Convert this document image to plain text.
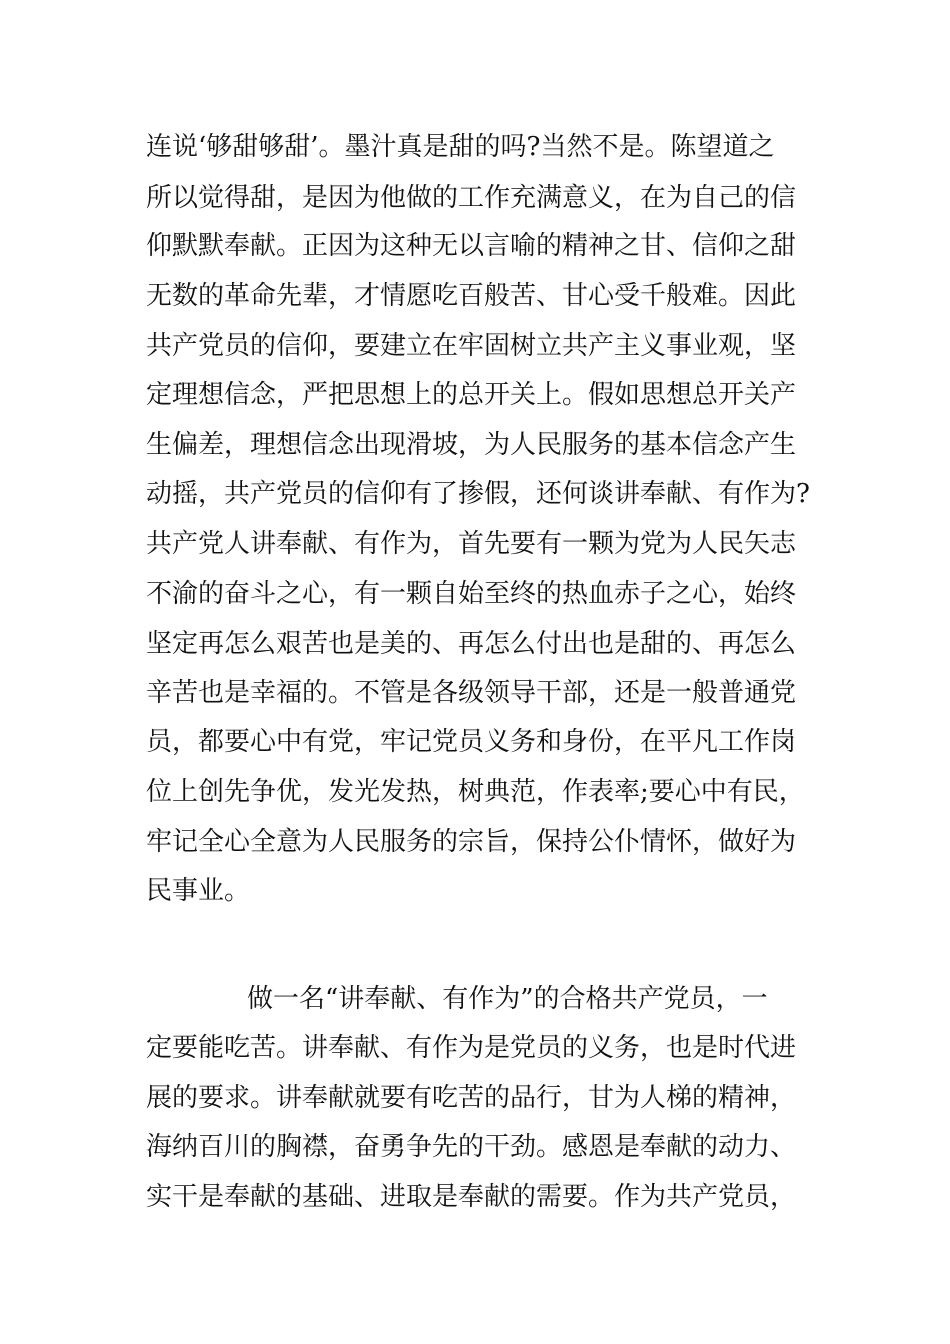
连说‘够甜够甜’。墨汁真是甜的吗?当然不是。陈望道之

所以觉得甜，是因为他做的工作充满意义，在为自己的信

仰默默奉献。正因为这种无以言喻的精神之甘、信仰之甜

无数的革命先辈，才情愿吃百般苦、甘心受千般难。因此

共产党员的信仰，要建立在牢固树立共产主义事业观，坚

定理想信念，严把思想上的总开关上。假如思想总开关产

生偏差，理想信念出现滑坡，为人民服务的基本信念产生

动摇，共产党员的信仰有了掺假，还何谈讲奉献、有作为?

共产党人讲奉献、有作为，首先要有一颗为党为人民矢志

不渝的奋斗之心，有一颗自始至终的热血赤子之心，始终

坚定再怎么艰苦也是美的、再怎么付出也是甜的、再怎么

辛苦也是幸福的。不管是各级领导干部，还是一般普通党

员，都要心中有党，牢记党员义务和身份，在平凡工作岗

位上创先争优，发光发热，树典范，作表率;要心中有民，

牢记全心全意为人民服务的宗旨，保持公仆情怀，做好为

民事业。

做一名“讲奉献、有作为”的合格共产党员，一

定要能吃苦。讲奉献、有作为是党员的义务，也是时代进

展的要求。讲奉献就要有吃苦的品行，甘为人梯的精神，

海纳百川的胸襟，奋勇争先的干劲。感恩是奉献的动力、

实干是奉献的基础、进取是奉献的需要。作为共产党员，
